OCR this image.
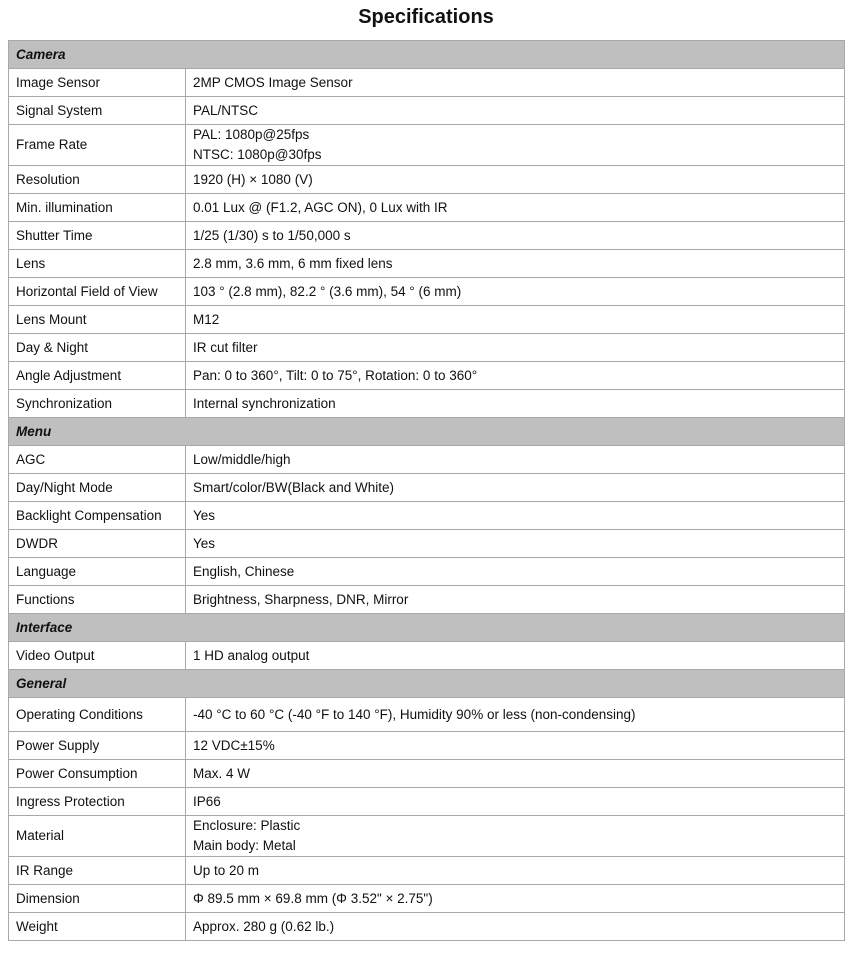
Specifications
Camera	
Image Sensor	2MP CMOS Image Sensor

Signal System	PAL/NTSC

Frame Rate	PAL: 1080p@25fps
NTSC: 1080p@30fps

Resolution	1920 (H) × 1080 (V)

Min. illumination	0.01 Lux @ (F1.2, AGC ON), 0 Lux with IR

Shutter Time	1/25 (1/30) s to 1/50,000 s

Lens	2.8 mm, 3.6 mm, 6 mm fixed lens

Horizontal Field of View	103 ° (2.8 mm), 82.2 ° (3.6 mm), 54 ° (6 mm)

Lens Mount	M12

Day & Night	IR cut filter

Angle Adjustment	Pan: 0 to 360°, Tilt: 0 to 75°, Rotation: 0 to 360°

Synchronization	Internal synchronization

Menu	
AGC	Low/middle/high

Day/Night Mode	Smart/color/BW(Black and White)

Backlight Compensation	Yes

DWDR	Yes

Language	English, Chinese

Functions	Brightness, Sharpness, DNR, Mirror

Interface	
Video Output	1 HD analog output

General	
Operating Conditions	-40 °C to 60 °C (-40 °F to 140 °F), Humidity 90% or less (non-condensing)

Power Supply	12 VDC±15%

Power Consumption	Max. 4 W

Ingress Protection	IP66

Material	Enclosure: Plastic
Main body: Metal

IR Range	Up to 20 m

Dimension	Φ 89.5 mm × 69.8 mm (Φ 3.52" × 2.75")

Weight	Approx. 280 g (0.62 lb.)
